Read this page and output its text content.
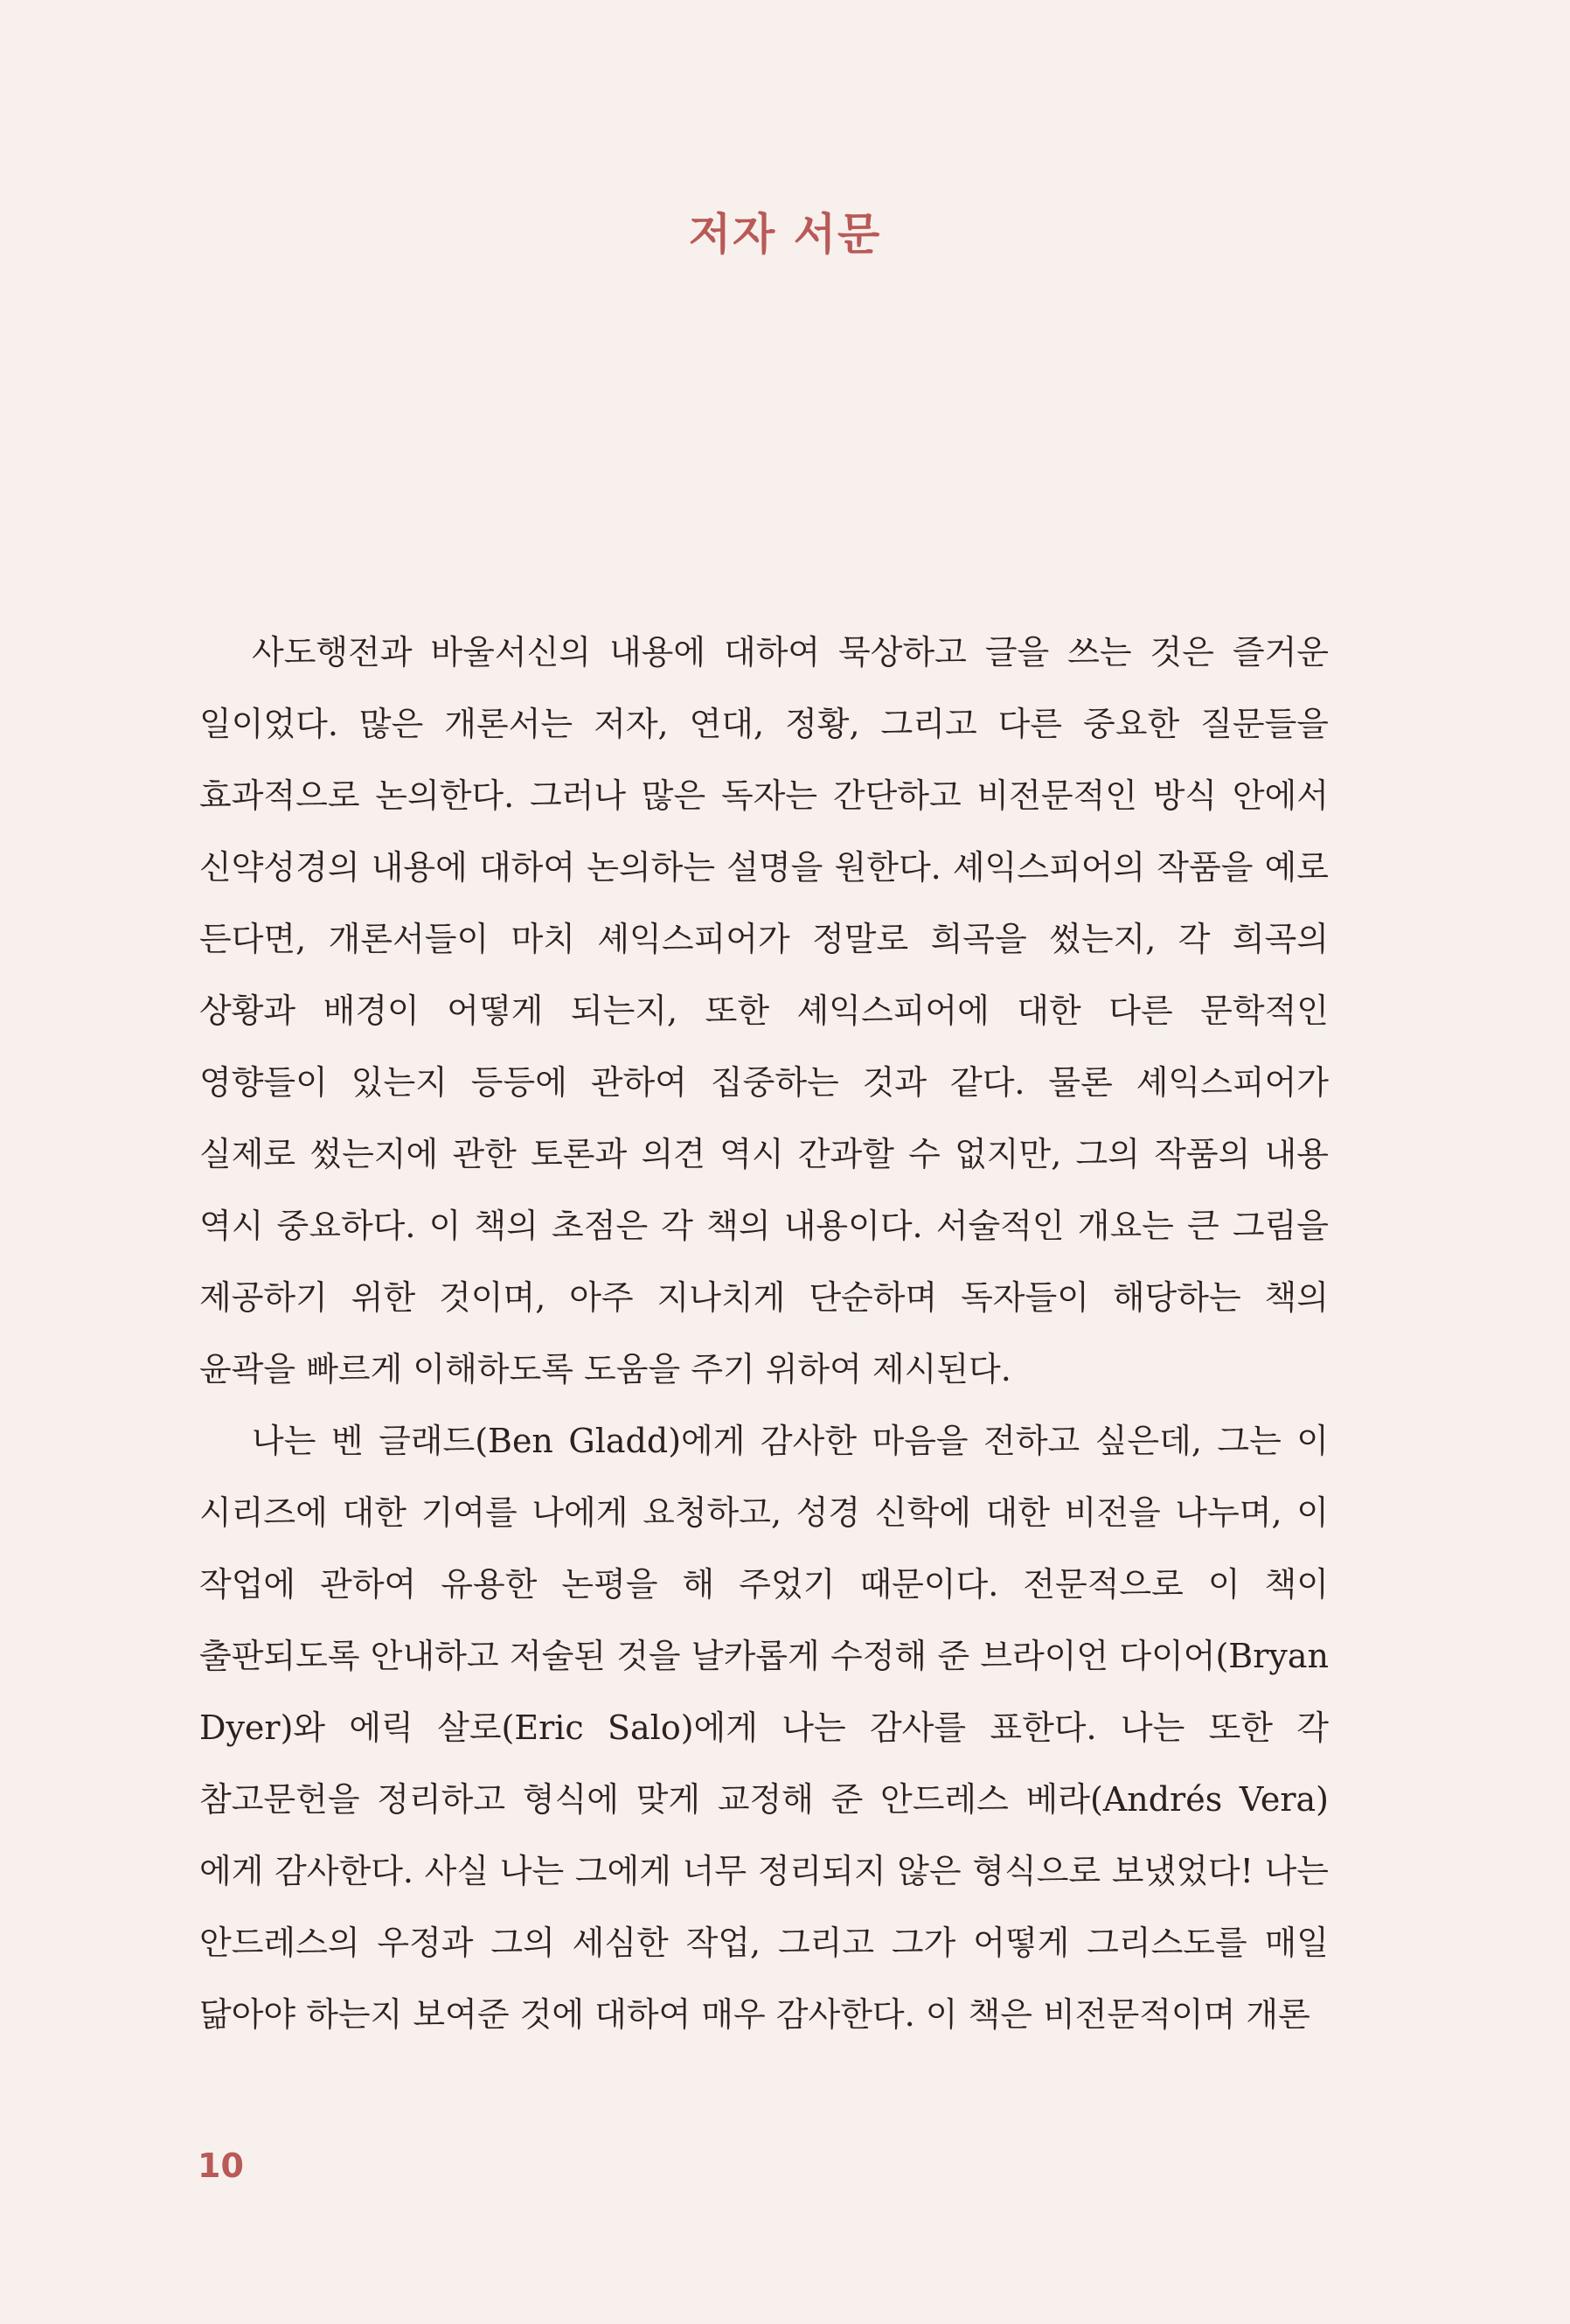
저자 서문

사도행전과 바울서신의 내용에 대하여 묵상하고 글을 쓰는 것은 즐거운 일이었다. 많은 개론서는 저자, 연대, 정황, 그리고 다른 중요한 질문들을 효과적으로 논의한다. 그러나 많은 독자는 간단하고 비전문적인 방식 안에서 신약성경의 내용에 대하여 논의하는 설명을 원한다. 셰익스피어의 작품을 예로 든다면, 개론서들이 마치 셰익스피어가 정말로 희곡을 썼는지, 각 희곡의 상황과 배경이 어떻게 되는지, 또한 셰익스피어에 대한 다른 문학적인 영향들이 있는지 등등에 관하여 집중하는 것과 같다. 물론 셰익스피어가 실제로 썼는지에 관한 토론과 의견 역시 간과할 수 없지만, 그의 작품의 내용 역시 중요하다. 이 책의 초점은 각 책의 내용이다. 서술적인 개요는 큰 그림을 제공하기 위한 것이며, 아주 지나치게 단순하며 독자들이 해당하는 책의 윤곽을 빠르게 이해하도록 도움을 주기 위하여 제시된다.

나는 벤 글래드(Ben Gladd)에게 감사한 마음을 전하고 싶은데, 그는 이 시리즈에 대한 기여를 나에게 요청하고, 성경 신학에 대한 비전을 나누며, 이 작업에 관하여 유용한 논평을 해 주었기 때문이다. 전문적으로 이 책이 출판되도록 안내하고 저술된 것을 날카롭게 수정해 준 브라이언 다이어(Bryan Dyer)와 에릭 살로(Eric Salo)에게 나는 감사를 표한다. 나는 또한 각 참고문헌을 정리하고 형식에 맞게 교정해 준 안드레스 베라(Andrés Vera)에게 감사한다. 사실 나는 그에게 너무 정리되지 않은 형식으로 보냈었다! 나는 안드레스의 우정과 그의 세심한 작업, 그리고 그가 어떻게 그리스도를 매일 닮아야 하는지 보여준 것에 대하여 매우 감사한다. 이 책은 비전문적이며 개론

10
